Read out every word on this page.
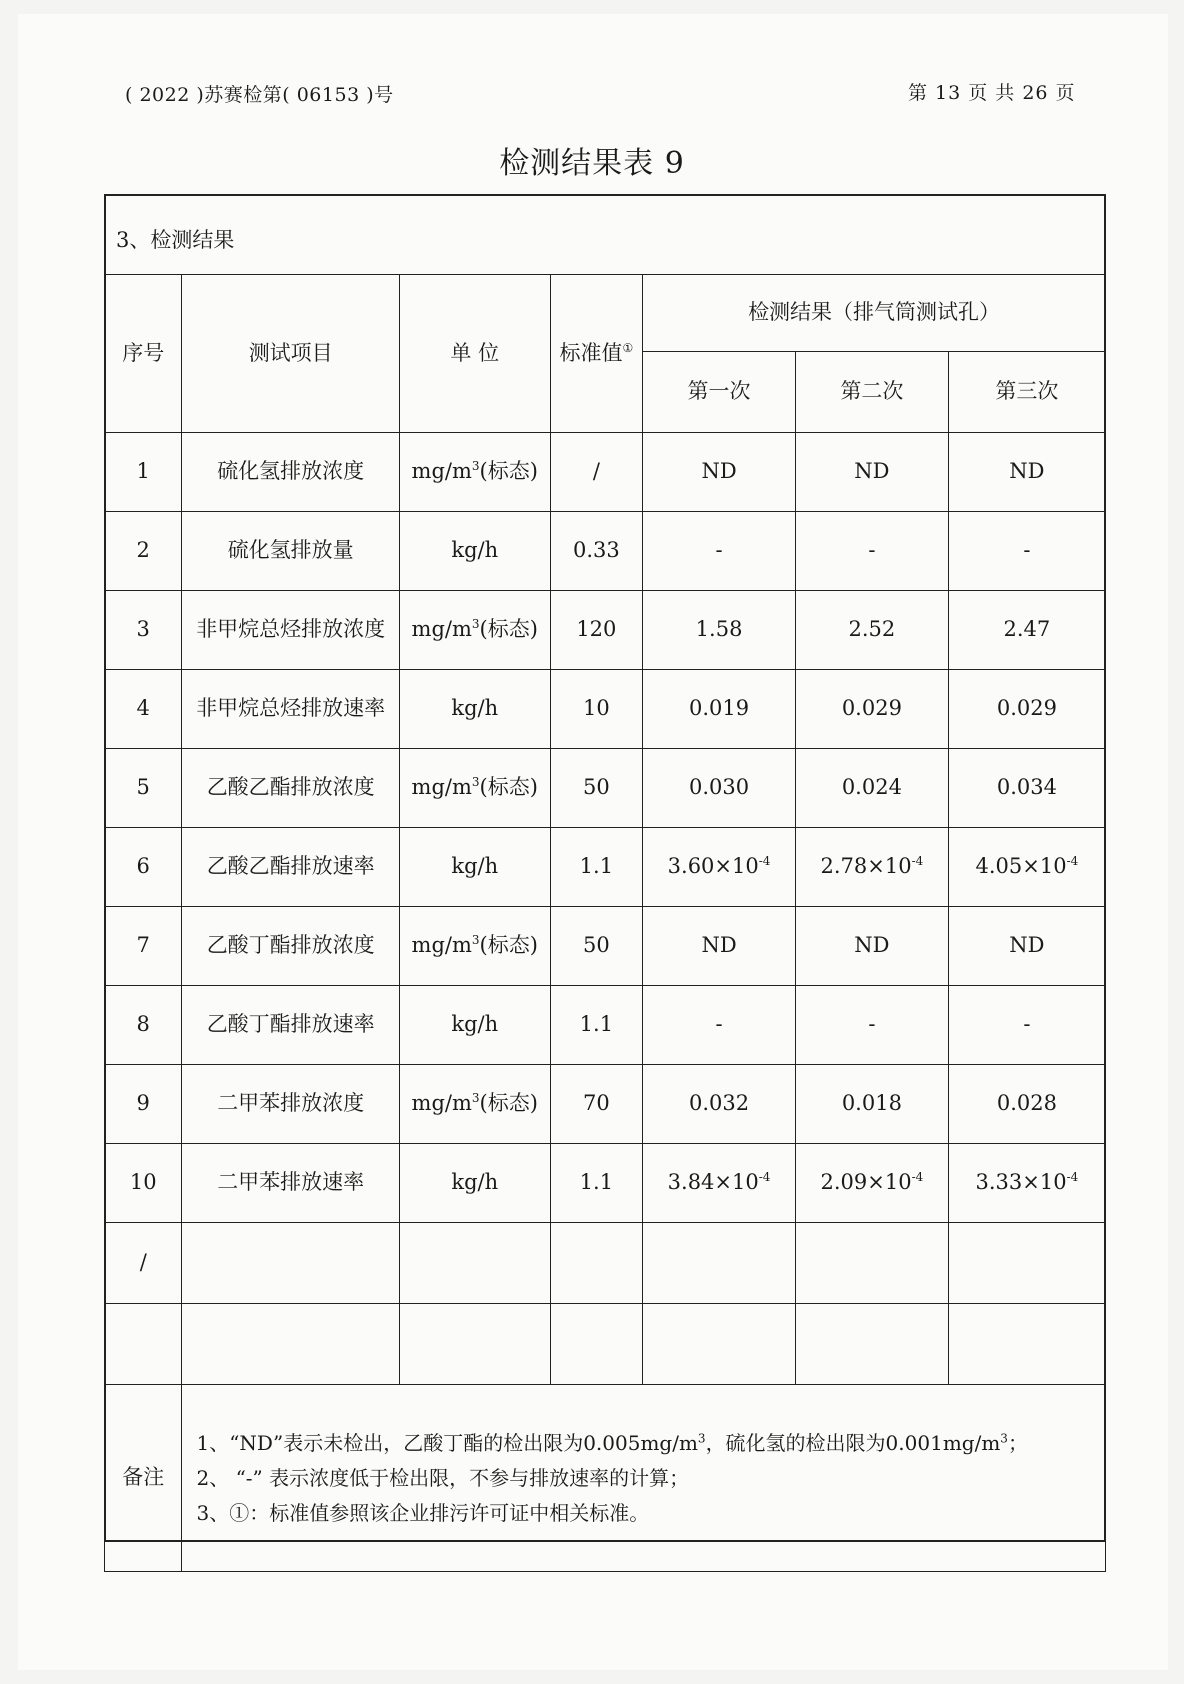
( 2022 )苏赛检第( 06153 )号	第 13 页 共 26 页
检测结果表 9
3、检测结果
序号	测试项目	单 位	标准值①	检测结果（排气筒测试孔）		
				第一次	第二次	第三次
1	硫化氢排放浓度	$mg/m^3$(标态)	/	ND	ND	ND
2	硫化氢排放量	kg/h	0.33	-	-	-
3	非甲烷总烃排放浓度	$mg/m^3$(标态)	120	1.58	2.52	2.47
4	非甲烷总烃排放速率	kg/h	10	0.019	0.029	0.029
5	乙酸乙酯排放浓度	$mg/m^3$(标态)	50	0.030	0.024	0.034
6	乙酸乙酯排放速率	kg/h	1.1	$3.60\times 10^{-4}$	$2.78\times 10^{-4}$	$4.05\times 10^{-4}$
7	乙酸丁酯排放浓度	$mg/m^3$(标态)	50	ND	ND	ND
8	乙酸丁酯排放速率	kg/h	1.1	-	-	-
9	二甲苯排放浓度	$mg/m^3$(标态)	70	0.032	0.018	0.028
10	二甲苯排放速率	kg/h	1.1	$3.84\times 10^{-4}$	$2.09\times 10^{-4}$	$3.33\times 10^{-4}$
/						

备注	1、“ND”表示未检出，乙酸丁酯的检出限为$0.005mg/m^3$，硫化氢的检出限为$0.001mg/m^3$；
2、 “-” 表示浓度低于检出限，不参与排放速率的计算；
3、①：标准值参照该企业排污许可证中相关标准。					
